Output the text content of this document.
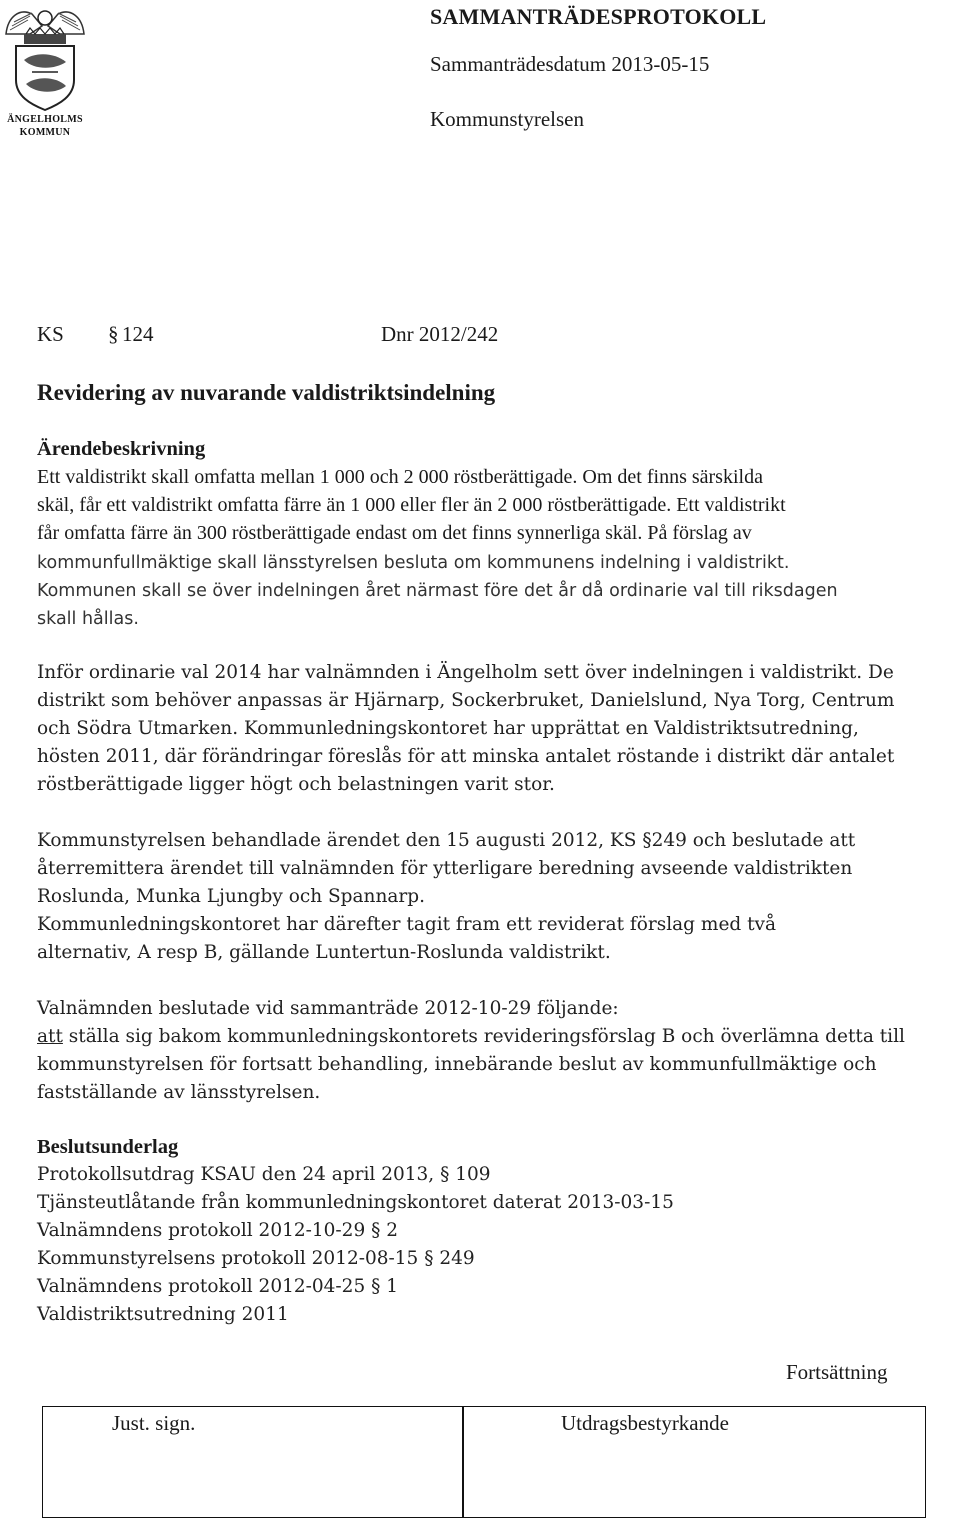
ÄNGELHOLMS
KOMMUN
SAMMANTRÄDESPROTOKOLL
Sammanträdesdatum 2013-05-15
Kommunstyrelsen
KS § 124	Dnr 2012/242
Revidering av nuvarande valdistriktsindelning
Ärendebeskrivning
Ett valdistrikt skall omfatta mellan 1 000 och 2 000 röstberättigade. Om det finns särskilda
skäl, får ett valdistrikt omfatta färre än 1 000 eller fler än 2 000 röstberättigade. Ett valdistrikt
får omfatta färre än 300 röstberättigade endast om det finns synnerliga skäl. På förslag av
kommunfullmäktige skall länsstyrelsen besluta om kommunens indelning i valdistrikt.
Kommunen skall se över indelningen året närmast före det år då ordinarie val till riksdagen
skall hållas.
Inför ordinarie val 2014 har valnämnden i Ängelholm sett över indelningen i valdistrikt. De
distrikt som behöver anpassas är Hjärnarp, Sockerbruket, Danielslund, Nya Torg, Centrum
och Södra Utmarken. Kommunledningskontoret har upprättat en Valdistriktsutredning,
hösten 2011, där förändringar föreslås för att minska antalet röstande i distrikt där antalet
röstberättigade ligger högt och belastningen varit stor.
Kommunstyrelsen behandlade ärendet den 15 augusti 2012, KS §249 och beslutade att
återremittera ärendet till valnämnden för ytterligare beredning avseende valdistrikten
Roslunda, Munka Ljungby och Spannarp.
Kommunledningskontoret har därefter tagit fram ett reviderat förslag med två
alternativ, A resp B, gällande Luntertun-Roslunda valdistrikt.
Valnämnden beslutade vid sammanträde 2012-10-29 följande:
att ställa sig bakom kommunledningskontorets revideringsförslag B och överlämna detta till
kommunstyrelsen för fortsatt behandling, innebärande beslut av kommunfullmäktige och
fastställande av länsstyrelsen.
Beslutsunderlag
Protokollsutdrag KSAU den 24 april 2013, § 109
Tjänsteutlåtande från kommunledningskontoret daterat 2013-03-15
Valnämndens protokoll 2012-10-29 § 2
Kommunstyrelsens protokoll 2012-08-15 § 249
Valnämndens protokoll 2012-04-25 § 1
Valdistriktsutredning 2011
Fortsättning
Just. sign.	Utdragsbestyrkande
